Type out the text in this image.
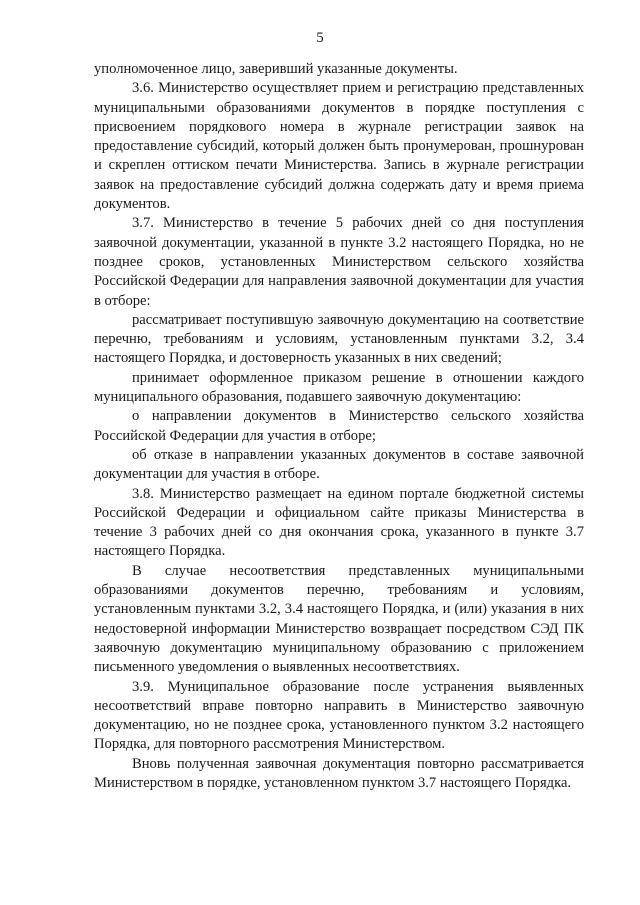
5

уполномоченное лицо, заверивший указанные документы.

3.6. Министерство осуществляет прием и регистрацию представленных муниципальными образованиями документов в порядке поступления с присвоением порядкового номера в журнале регистрации заявок на предоставление субсидий, который должен быть пронумерован, прошнурован и скреплен оттиском печати Министерства. Запись в журнале регистрации заявок на предоставление субсидий должна содержать дату и время приема документов.

3.7. Министерство в течение 5 рабочих дней со дня поступления заявочной документации, указанной в пункте 3.2 настоящего Порядка, но не позднее сроков, установленных Министерством сельского хозяйства Российской Федерации для направления заявочной документации для участия в отборе:

рассматривает поступившую заявочную документацию на соответствие перечню, требованиям и условиям, установленным пунктами 3.2, 3.4 настоящего Порядка, и достоверность указанных в них сведений;

принимает оформленное приказом решение в отношении каждого муниципального образования, подавшего заявочную документацию:

о направлении документов в Министерство сельского хозяйства Российской Федерации для участия в отборе;

об отказе в направлении указанных документов в составе заявочной документации для участия в отборе.

3.8. Министерство размещает на едином портале бюджетной системы Российской Федерации и официальном сайте приказы Министерства в течение 3 рабочих дней со дня окончания срока, указанного в пункте 3.7 настоящего Порядка.

В случае несоответствия представленных муниципальными образованиями документов перечню, требованиям и условиям, установленным пунктами 3.2, 3.4 настоящего Порядка, и (или) указания в них недостоверной информации Министерство возвращает посредством СЭД ПК заявочную документацию муниципальному образованию с приложением письменного уведомления о выявленных несоответствиях.

3.9. Муниципальное образование после устранения выявленных несоответствий вправе повторно направить в Министерство заявочную документацию, но не позднее срока, установленного пунктом 3.2 настоящего Порядка, для повторного рассмотрения Министерством.

Вновь полученная заявочная документация повторно рассматривается Министерством в порядке, установленном пунктом 3.7 настоящего Порядка.
